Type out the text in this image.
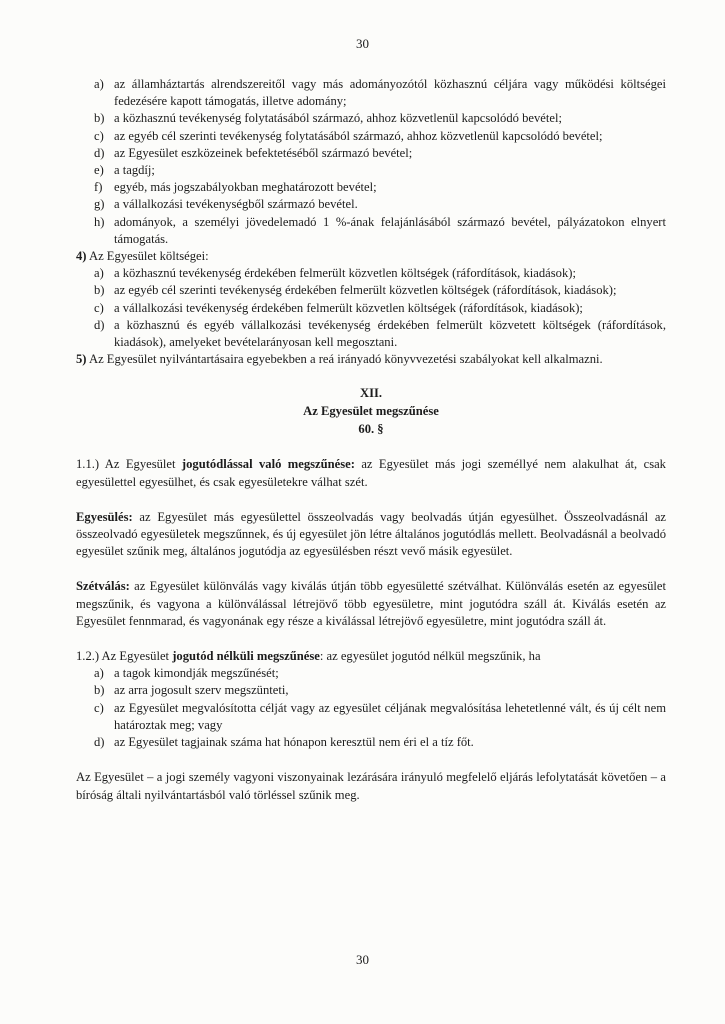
30
a) az államháztartás alrendszereitől vagy más adományozótól közhasznú céljára vagy működési költségei fedezésére kapott támogatás, illetve adomány;
b) a közhasznú tevékenység folytatásából származó, ahhoz közvetlenül kapcsolódó bevétel;
c) az egyéb cél szerinti tevékenység folytatásából származó, ahhoz közvetlenül kapcsolódó bevétel;
d) az Egyesület eszközeinek befektetéséből származó bevétel;
e) a tagdíj;
f) egyéb, más jogszabályokban meghatározott bevétel;
g) a vállalkozási tevékenységből származó bevétel.
h) adományok, a személyi jövedelemadó 1 %-ának felajánlásából származó bevétel, pályázatokon elnyert támogatás.
4) Az Egyesület költségei:
a) a közhasznú tevékenység érdekében felmerült közvetlen költségek (ráfordítások, kiadások);
b) az egyéb cél szerinti tevékenység érdekében felmerült közvetlen költségek (ráfordítások, kiadások);
c) a vállalkozási tevékenység érdekében felmerült közvetlen költségek (ráfordítások, kiadások);
d) a közhasznú és egyéb vállalkozási tevékenység érdekében felmerült közvetett költségek (ráfordítások, kiadások), amelyeket bevételarányosan kell megosztani.
5) Az Egyesület nyilvántartásaira egyebekben a reá irányadó könyvvezetési szabályokat kell alkalmazni.
XII.
Az Egyesület megszűnése
60. §
1.1.) Az Egyesület jogutódlással való megszűnése: az Egyesület más jogi személlyé nem alakulhat át, csak egyesülettel egyesülhet, és csak egyesületekre válhat szét.
Egyesülés: az Egyesület más egyesülettel összeolvadás vagy beolvadás útján egyesülhet. Összeolvadásnál az összeolvadó egyesületek megszűnnek, és új egyesület jön létre általános jogutódlás mellett. Beolvadásnál a beolvadó egyesület szűnik meg, általános jogutódja az egyesülésben részt vevő másik egyesület.
Szétválás: az Egyesület különválás vagy kiválás útján több egyesületté szétválhat. Különválás esetén az egyesület megszűnik, és vagyona a különválással létrejövő több egyesületre, mint jogutódra száll át. Kiválás esetén az Egyesület fennmarad, és vagyonának egy része a kiválással létrejövő egyesületre, mint jogutódra száll át.
1.2.) Az Egyesület jogutód nélküli megszűnése: az egyesület jogutód nélkül megszűnik, ha
a) a tagok kimondják megszűnését;
b) az arra jogosult szerv megszünteti,
c) az Egyesület megvalósította célját vagy az egyesület céljának megvalósítása lehetetlenné vált, és új célt nem határoztak meg; vagy
d) az Egyesület tagjainak száma hat hónapon keresztül nem éri el a tíz főt.
Az Egyesület – a jogi személy vagyoni viszonyainak lezárására irányuló megfelelő eljárás lefolytatását követően – a bíróság általi nyilvántartásból való törléssel szűnik meg.
30
